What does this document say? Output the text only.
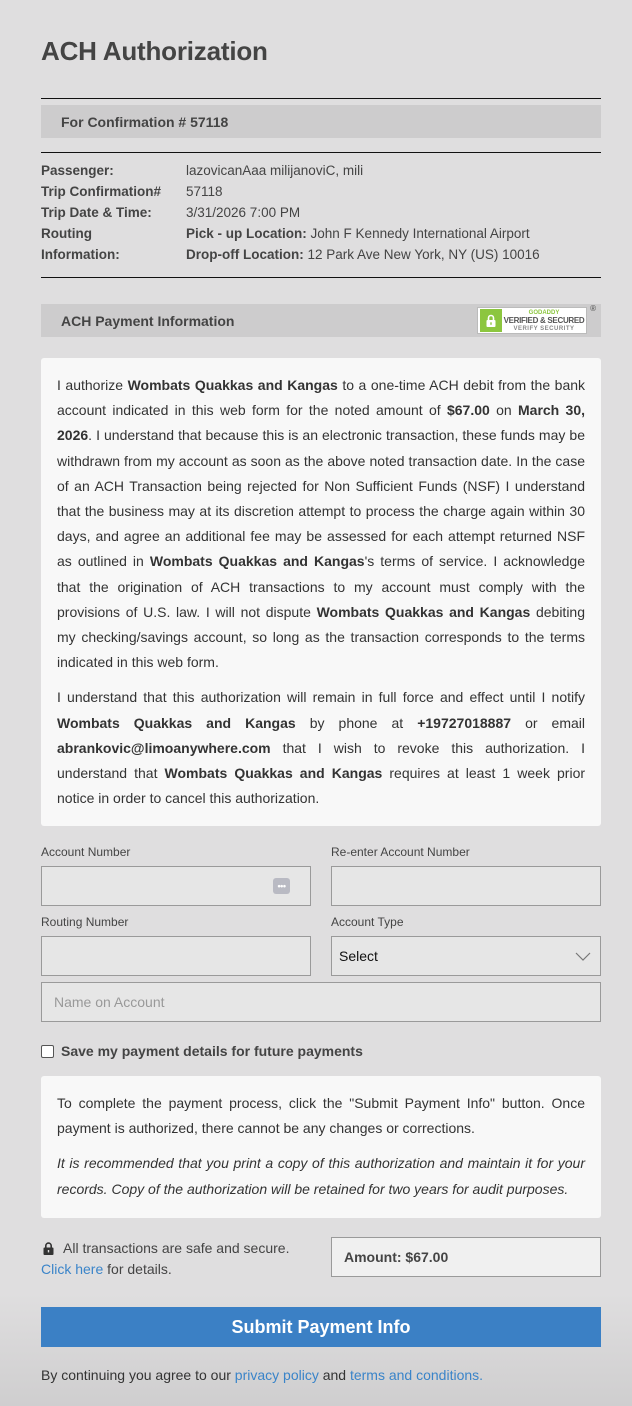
ACH Authorization
For Confirmation # 57118
Passenger:	lazovicanAaa milijanoviC, mili
Trip Confirmation#	57118
Trip Date & Time:	3/31/2026 7:00 PM
Routing	Pick - up Location: John F Kennedy International Airport
Information:	Drop-off Location: 12 Park Ave New York, NY (US) 10016
ACH Payment Information	GODADDY
VERIFIED & SECURED
VERIFY SECURITY
®

I authorize Wombats Quakkas and Kangas to a one-time ACH debit from the bank account indicated in this web form for the noted amount of $67.00 on March 30, 2026. I understand that because this is an electronic transaction, these funds may be withdrawn from my account as soon as the above noted transaction date. In the case of an ACH Transaction being rejected for Non Sufficient Funds (NSF) I understand that the business may at its discretion attempt to process the charge again within 30 days, and agree an additional fee may be assessed for each attempt returned NSF as outlined in Wombats Quakkas and Kangas's terms of service. I acknowledge that the origination of ACH transactions to my account must comply with the provisions of U.S. law. I will not dispute Wombats Quakkas and Kangas debiting my checking/savings account, so long as the transaction corresponds to the terms indicated in this web form.

I understand that this authorization will remain in full force and effect until I notify Wombats Quakkas and Kangas by phone at +19727018887 or email abrankovic@limoanywhere.com that I wish to revoke this authorization. I understand that Wombats Quakkas and Kangas requires at least 1 week prior notice in order to cancel this authorization.

Account Number
•••
Re-enter Account Number
Routing Number	Account Type
Select
Name on Account
Save my payment details for future payments

To complete the payment process, click the "Submit Payment Info" button. Once payment is authorized, there cannot be any changes or corrections.

It is recommended that you print a copy of this authorization and maintain it for your records. Copy of the authorization will be retained for two years for audit purposes.

All transactions are safe and secure.
Click here for details.
Amount: $67.00
Submit Payment Info
By continuing you agree to our privacy policy and terms and conditions.
